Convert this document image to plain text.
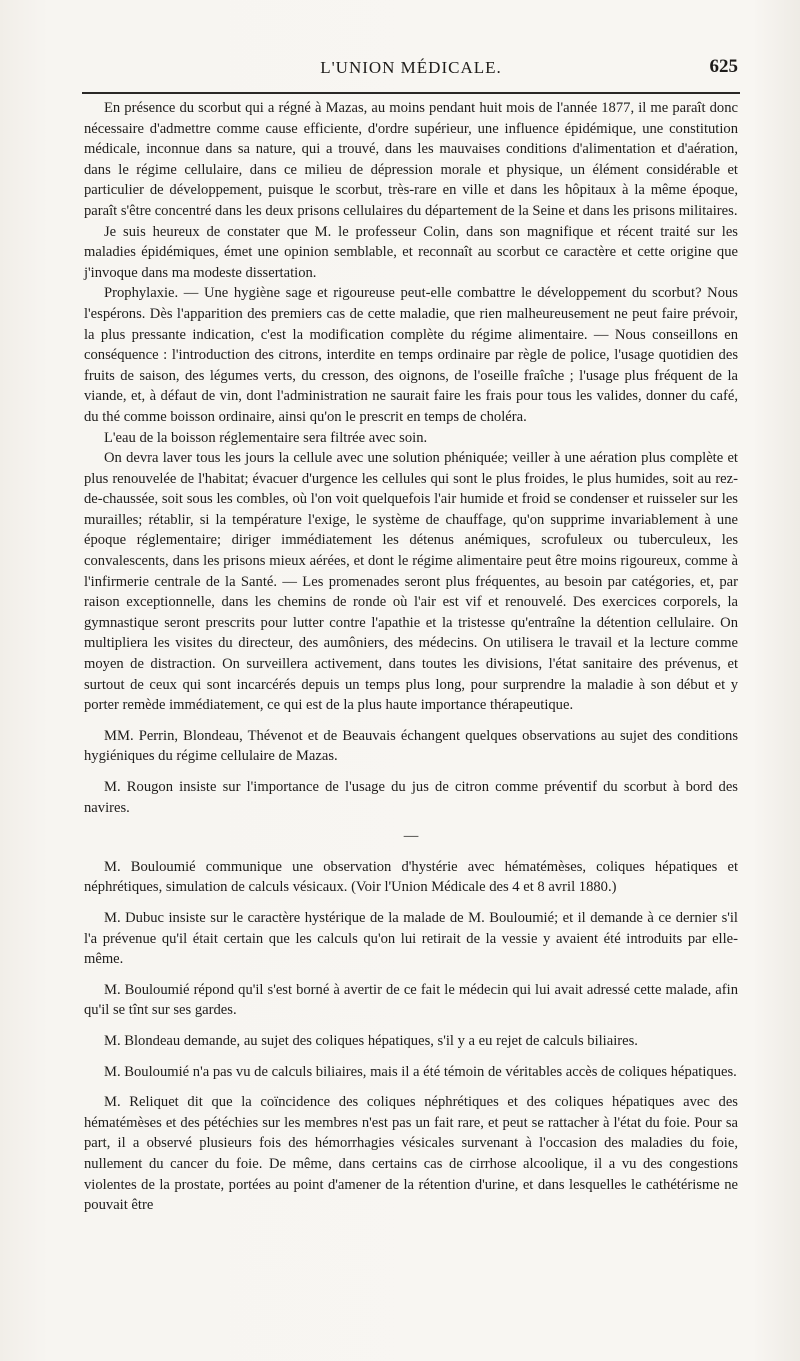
L'UNION MÉDICALE.	625

En présence du scorbut qui a régné à Mazas, au moins pendant huit mois de l'année 1877, il me paraît donc nécessaire d'admettre comme cause efficiente, d'ordre supérieur, une influence épidémique, une constitution médicale, inconnue dans sa nature, qui a trouvé, dans les mauvaises conditions d'alimentation et d'aération, dans le régime cellulaire, dans ce milieu de dépression morale et physique, un élément considérable et particulier de développement, puisque le scorbut, très-rare en ville et dans les hôpitaux à la même époque, paraît s'être concentré dans les deux prisons cellulaires du département de la Seine et dans les prisons militaires.

Je suis heureux de constater que M. le professeur Colin, dans son magnifique et récent traité sur les maladies épidémiques, émet une opinion semblable, et reconnaît au scorbut ce caractère et cette origine que j'invoque dans ma modeste dissertation.

Prophylaxie. — Une hygiène sage et rigoureuse peut-elle combattre le développement du scorbut? Nous l'espérons. Dès l'apparition des premiers cas de cette maladie, que rien malheureusement ne peut faire prévoir, la plus pressante indication, c'est la modification complète du régime alimentaire. — Nous conseillons en conséquence : l'introduction des citrons, interdite en temps ordinaire par règle de police, l'usage quotidien des fruits de saison, des légumes verts, du cresson, des oignons, de l'oseille fraîche ; l'usage plus fréquent de la viande, et, à défaut de vin, dont l'administration ne saurait faire les frais pour tous les valides, donner du café, du thé comme boisson ordinaire, ainsi qu'on le prescrit en temps de choléra.

L'eau de la boisson réglementaire sera filtrée avec soin.

On devra laver tous les jours la cellule avec une solution phéniquée; veiller à une aération plus complète et plus renouvelée de l'habitat; évacuer d'urgence les cellules qui sont le plus froides, le plus humides, soit au rez-de-chaussée, soit sous les combles, où l'on voit quelquefois l'air humide et froid se condenser et ruisseler sur les murailles; rétablir, si la température l'exige, le système de chauffage, qu'on supprime invariablement à une époque réglementaire; diriger immédiatement les détenus anémiques, scrofuleux ou tuberculeux, les convalescents, dans les prisons mieux aérées, et dont le régime alimentaire peut être moins rigoureux, comme à l'infirmerie centrale de la Santé. — Les promenades seront plus fréquentes, au besoin par catégories, et, par raison exceptionnelle, dans les chemins de ronde où l'air est vif et renouvelé. Des exercices corporels, la gymnastique seront prescrits pour lutter contre l'apathie et la tristesse qu'entraîne la détention cellulaire. On multipliera les visites du directeur, des aumôniers, des médecins. On utilisera le travail et la lecture comme moyen de distraction. On surveillera activement, dans toutes les divisions, l'état sanitaire des prévenus, et surtout de ceux qui sont incarcérés depuis un temps plus long, pour surprendre la maladie à son début et y porter remède immédiatement, ce qui est de la plus haute importance thérapeutique.

MM. Perrin, Blondeau, Thévenot et de Beauvais échangent quelques observations au sujet des conditions hygiéniques du régime cellulaire de Mazas.

M. Rougon insiste sur l'importance de l'usage du jus de citron comme préventif du scorbut à bord des navires.

—

M. Bouloumié communique une observation d'hystérie avec hématémèses, coliques hépatiques et néphrétiques, simulation de calculs vésicaux. (Voir l'Union Médicale des 4 et 8 avril 1880.)

M. Dubuc insiste sur le caractère hystérique de la malade de M. Bouloumié; et il demande à ce dernier s'il l'a prévenue qu'il était certain que les calculs qu'on lui retirait de la vessie y avaient été introduits par elle-même.

M. Bouloumié répond qu'il s'est borné à avertir de ce fait le médecin qui lui avait adressé cette malade, afin qu'il se tînt sur ses gardes.

M. Blondeau demande, au sujet des coliques hépatiques, s'il y a eu rejet de calculs biliaires.

M. Bouloumié n'a pas vu de calculs biliaires, mais il a été témoin de véritables accès de coliques hépatiques.

M. Reliquet dit que la coïncidence des coliques néphrétiques et des coliques hépatiques avec des hématémèses et des pétéchies sur les membres n'est pas un fait rare, et peut se rattacher à l'état du foie. Pour sa part, il a observé plusieurs fois des hémorrhagies vésicales survenant à l'occasion des maladies du foie, nullement du cancer du foie. De même, dans certains cas de cirrhose alcoolique, il a vu des congestions violentes de la prostate, portées au point d'amener de la rétention d'urine, et dans lesquelles le cathétérisme ne pouvait être
